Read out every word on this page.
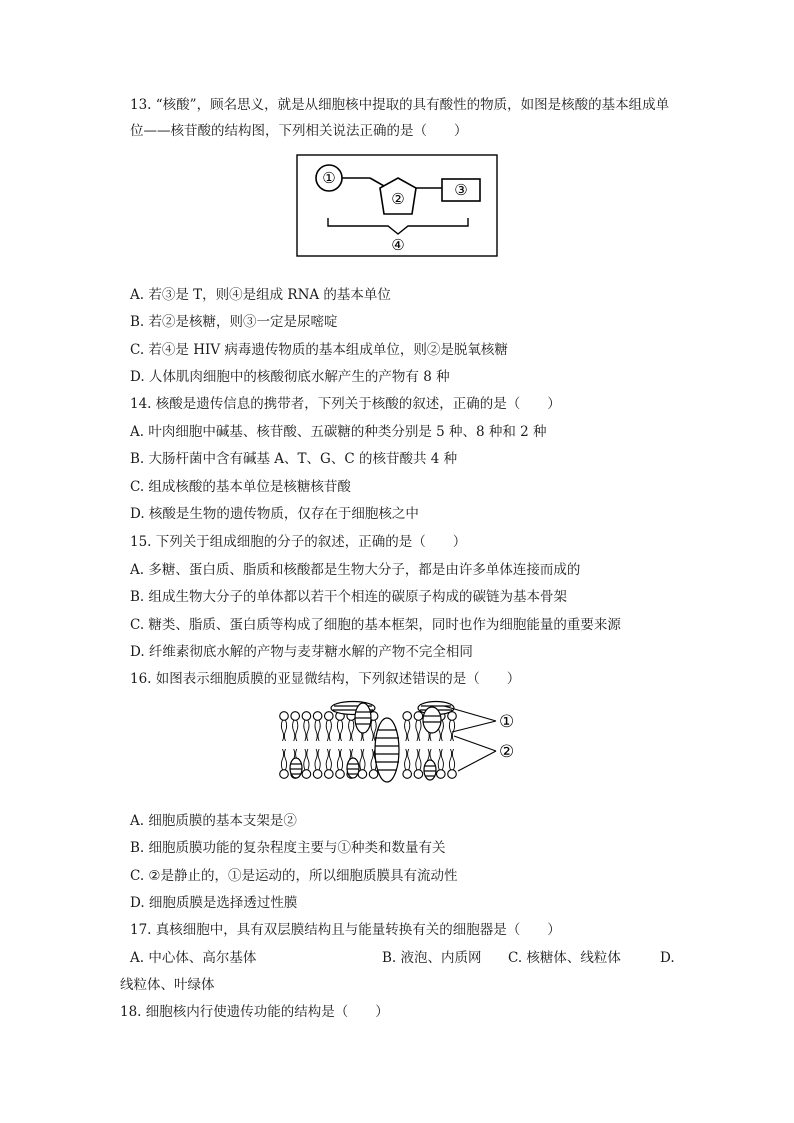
13. “核酸”，顾名思义，就是从细胞核中提取的具有酸性的物质，如图是核酸的基本组成单
位——核苷酸的结构图，下列相关说法正确的是（　　）
①
②	③
④
A. 若③是 T，则④是组成 RNA 的基本单位
B. 若②是核糖，则③一定是尿嘧啶
C. 若④是 HIV 病毒遗传物质的基本组成单位，则②是脱氧核糖
D. 人体肌肉细胞中的核酸彻底水解产生的产物有 8 种
14. 核酸是遗传信息的携带者，下列关于核酸的叙述，正确的是（　　）
A. 叶肉细胞中碱基、核苷酸、五碳糖的种类分别是 5 种、8 种和 2 种
B. 大肠杆菌中含有碱基 A、T、G、C 的核苷酸共 4 种
C. 组成核酸的基本单位是核糖核苷酸
D. 核酸是生物的遗传物质，仅存在于细胞核之中
15. 下列关于组成细胞的分子的叙述，正确的是（　　）
A. 多糖、蛋白质、脂质和核酸都是生物大分子，都是由许多单体连接而成的
B. 组成生物大分子的单体都以若干个相连的碳原子构成的碳链为基本骨架
C. 糖类、脂质、蛋白质等构成了细胞的基本框架，同时也作为细胞能量的重要来源
D. 纤维素彻底水解的产物与麦芽糖水解的产物不完全相同
16. 如图表示细胞质膜的亚显微结构，下列叙述错误的是（　　）
①
②
A. 细胞质膜的基本支架是②
B. 细胞质膜功能的复杂程度主要与①种类和数量有关
C. ②是静止的，①是运动的，所以细胞质膜具有流动性
D. 细胞质膜是选择透过性膜
17. 真核细胞中，具有双层膜结构且与能量转换有关的细胞器是（　　）
A. 中心体、高尔基体	B. 液泡、内质网 C. 核糖体、线粒体	D.
线粒体、叶绿体
18. 细胞核内行使遗传功能的结构是（　　）
